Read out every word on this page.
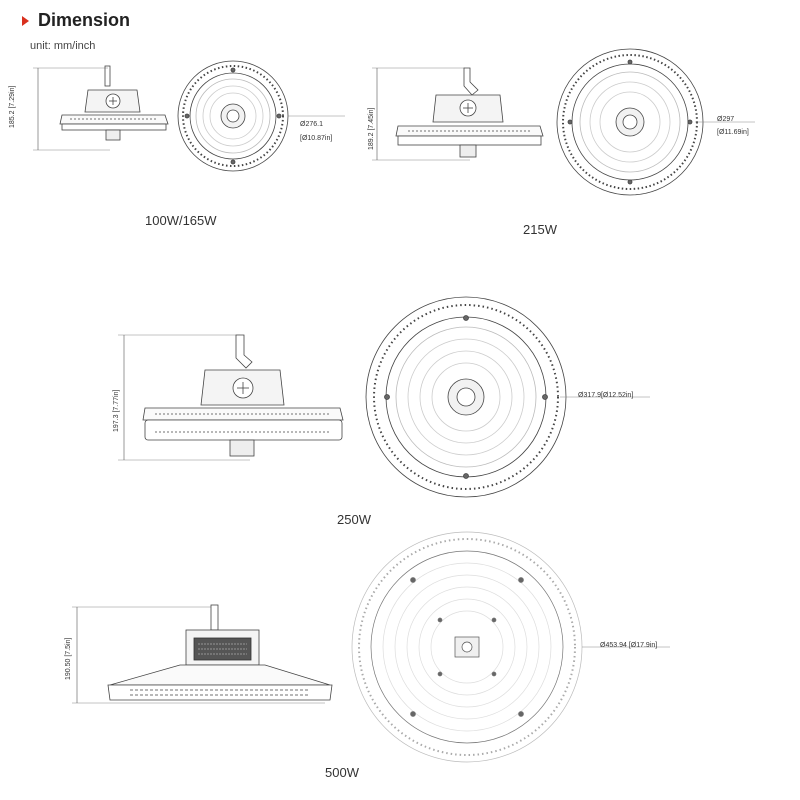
Dimension
unit: mm/inch
185.2 [7.29in]	Ø276.1
[Ø10.87in]	189.2 [7.45in]	Ø297
[Ø11.69in]
197.3 [7.77in]	Ø317.9[Ø12.52in]
190.50 [7.5in]	Ø453.94 [Ø17.9in]
100W/165W
215W
250W
500W
